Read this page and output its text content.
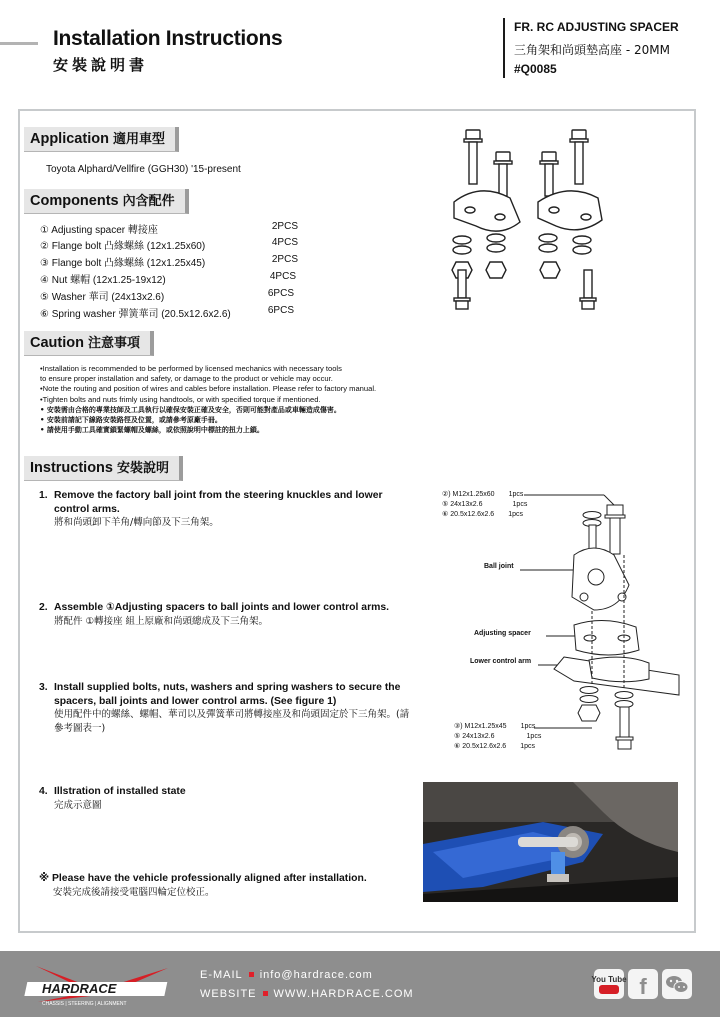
Installation Instructions
安裝說明書
FR. RC ADJUSTING SPACER
三角架和尚頭墊高座 - 20MM
#Q0085
Application 適用車型
Toyota Alphard/Vellfire (GGH30) '15-present
Components 內含配件
① Adjusting spacer 轉接座	2PCS
② Flange bolt 凸緣螺絲 (12x1.25x60)	4PCS
③ Flange bolt 凸緣螺絲 (12x1.25x45)	2PCS
④ Nut 螺帽 (12x1.25-19x12)	4PCS
⑤ Washer 華司 (24x13x2.6)	6PCS
⑥ Spring washer 彈簧華司 (20.5x12.6x2.6)	6PCS
Caution 注意事項
•Installation is recommended to be performed by licensed mechanics with necessary tools
to ensure proper installation and safety, or damage to the product or vehicle may occur.
•Note the routing and position of wires and cables before installation. Please refer to factory manual.
•Tighten bolts and nuts frimly using handtools, or with specified torque if mentioned.
• 安裝需由合格的專業技師及工具執行以確保安裝正確及安全，否則可能對產品或車輛造成傷害。
• 安裝前請記下線路安裝路徑及位置，或請參考原廠手冊。
• 請使用手動工具確實鎖緊螺帽及螺絲，或依照說明中標註的扭力上鎖。
Instructions 安裝說明
1. Remove the factory ball joint from the steering knuckles and lower control arms.
將和尚頭卸下羊角/轉向節及下三角架。
2. Assemble ①Adjusting spacers to ball joints and lower control arms.
將配件 ①轉接座 組上原廠和尚頭總成及下三角架。
3. Install supplied bolts, nuts, washers and spring washers to secure the spacers, ball joints and lower control arms. (See figure 1)
使用配件中的螺絲、螺帽、華司以及彈簧華司將轉接座及和尚頭固定於下三角架。(請參考圖表一)
4. Illstration of installed state
完成示意圖
※ Please have the vehicle professionally aligned after installation.
安裝完成後請接受電腦四輪定位校正。
②) M12x1.25x60 1pcs
⑤ 24x13x2.6	1pcs
⑥ 20.5x12.6x2.6 1pcs
③) M12x1.25x45 1pcs
⑤ 24x13x2.6	1pcs
⑥ 20.5x12.6x2.6 1pcs
Ball joint
Adjusting spacer
Lower control arm
HARDRACE
CHASSIS | STEERING | ALIGNMENT
E-MAIL info@hardrace.com
WEBSITE WWW.HARDRACE.COM
You Tube f
